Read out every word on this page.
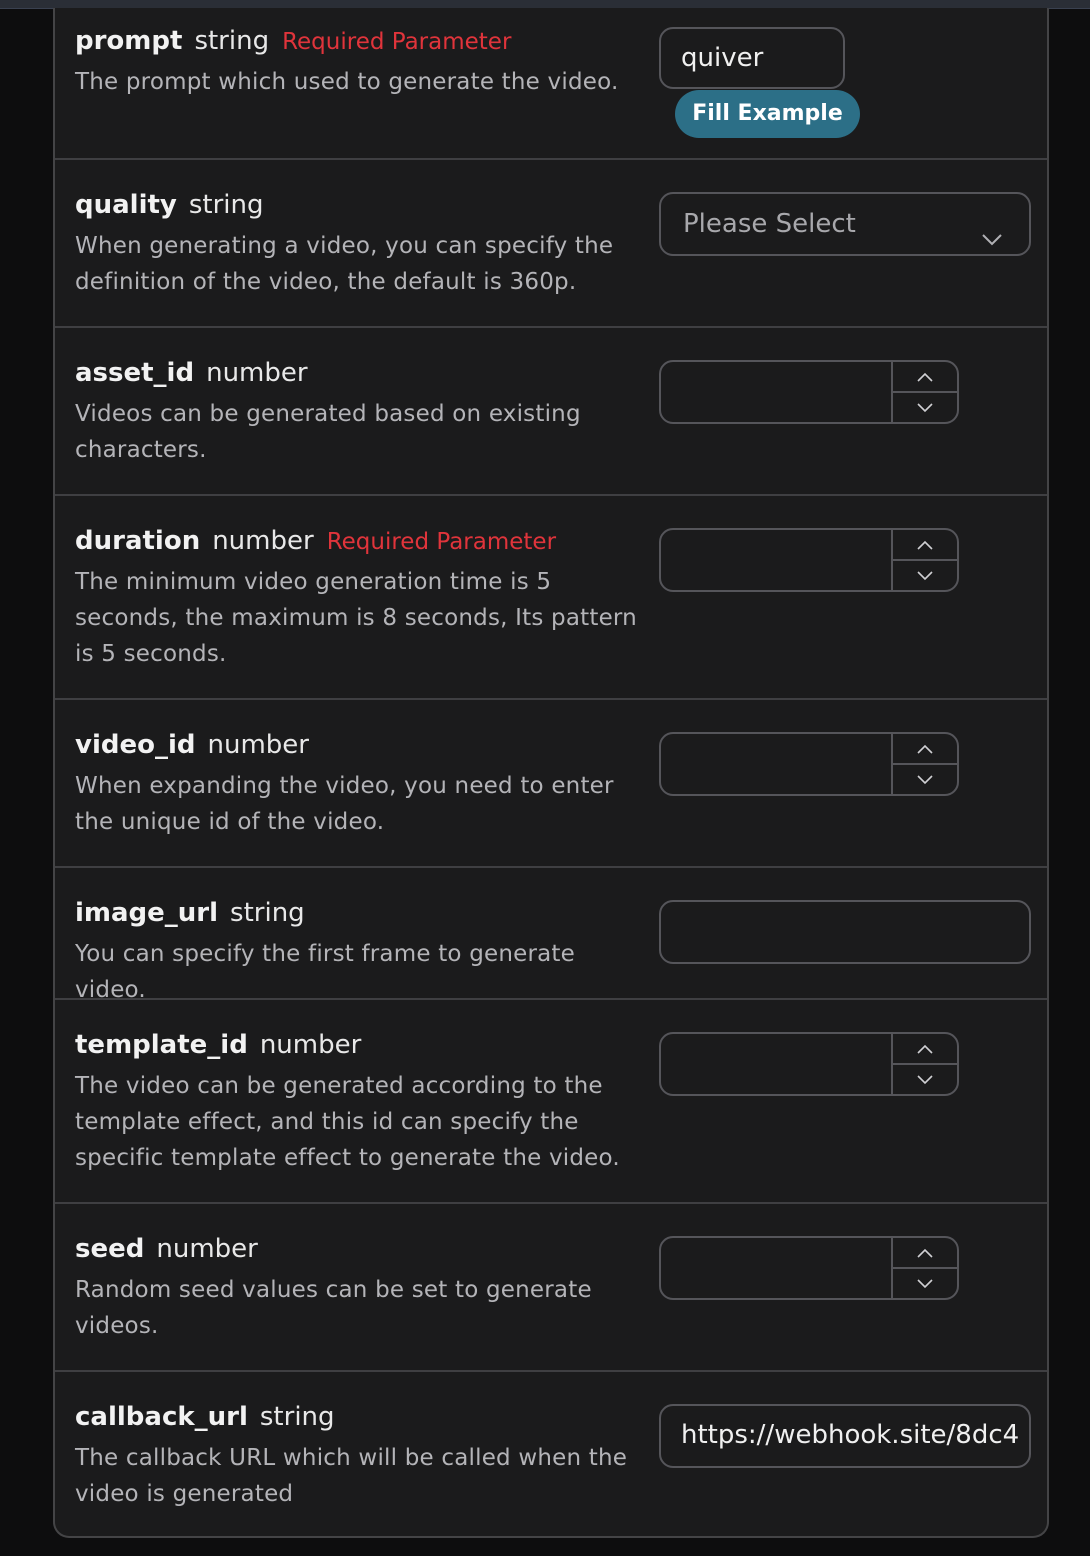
prompt string Required Parameter
The prompt which used to generate the video.
quiver
Fill Example
quality string
When generating a video, you can specify the definition of the video, the default is 360p.
Please Select
asset_id number
Videos can be generated based on existing characters.
duration number Required Parameter
The minimum video generation time is 5 seconds, the maximum is 8 seconds, Its pattern is 5 seconds.
video_id number
When expanding the video, you need to enter the unique id of the video.
image_url string
You can specify the first frame to generate video.
template_id number
The video can be generated according to the template effect, and this id can specify the specific template effect to generate the video.
seed number
Random seed values can be set to generate videos.
callback_url string
The callback URL which will be called when the video is generated
https://webhook.site/8dc4
